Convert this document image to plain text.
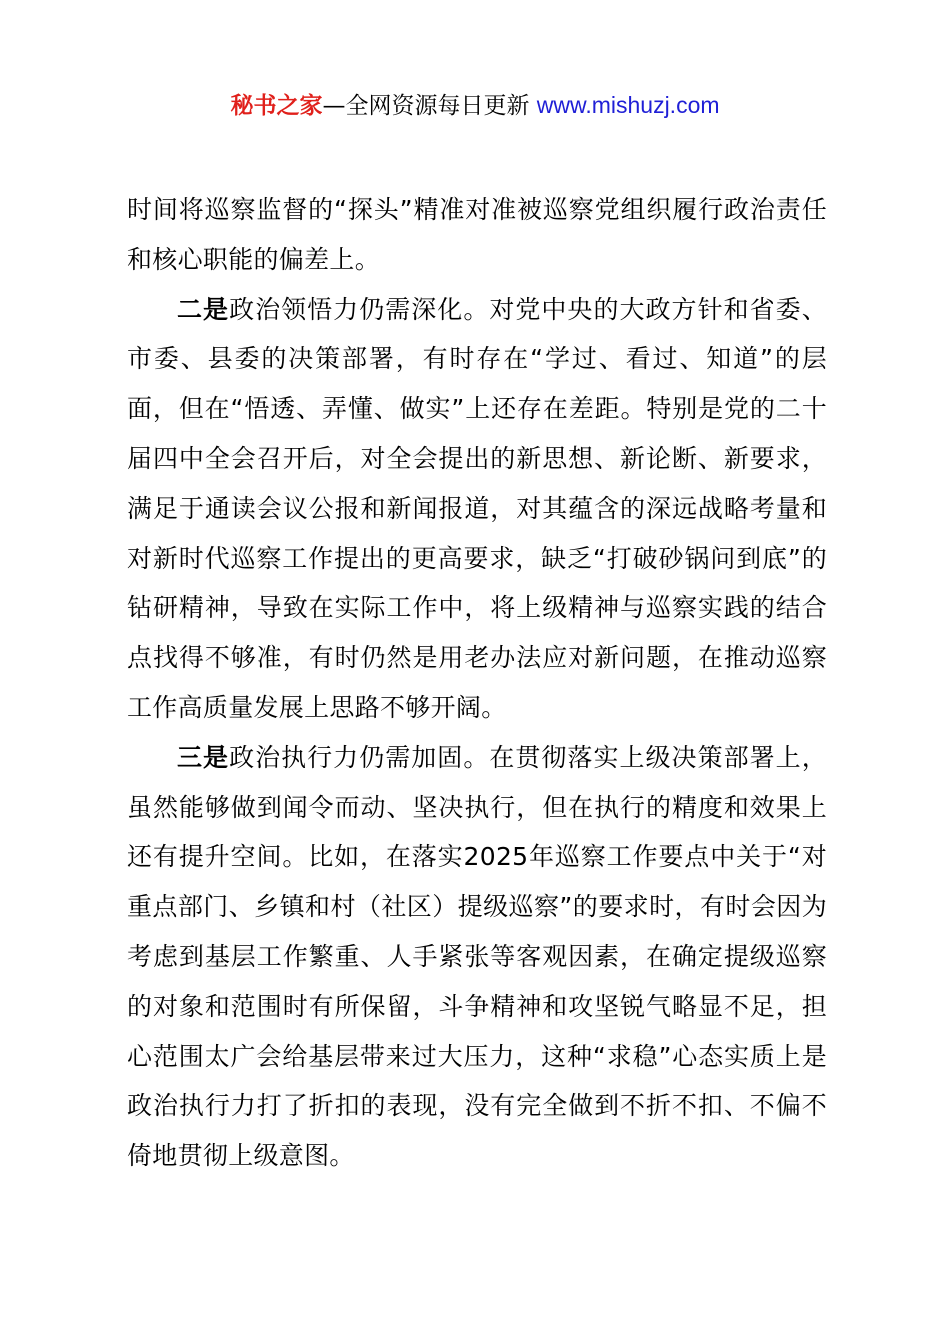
秘书之家—全网资源每日更新 www.mishuzj.com

时间将巡察监督的“探头”精准对准被巡察党组织履行政治责任和核心职能的偏差上。

二是政治领悟力仍需深化。对党中央的大政方针和省委、市委、县委的决策部署，有时存在“学过、看过、知道”的层面，但在“悟透、弄懂、做实”上还存在差距。特别是党的二十届四中全会召开后，对全会提出的新思想、新论断、新要求，满足于通读会议公报和新闻报道，对其蕴含的深远战略考量和对新时代巡察工作提出的更高要求，缺乏“打破砂锅问到底”的钻研精神，导致在实际工作中，将上级精神与巡察实践的结合点找得不够准，有时仍然是用老办法应对新问题，在推动巡察工作高质量发展上思路不够开阔。

三是政治执行力仍需加固。在贯彻落实上级决策部署上，虽然能够做到闻令而动、坚决执行，但在执行的精度和效果上还有提升空间。比如，在落实2025年巡察工作要点中关于“对重点部门、乡镇和村（社区）提级巡察”的要求时，有时会因为考虑到基层工作繁重、人手紧张等客观因素，在确定提级巡察的对象和范围时有所保留，斗争精神和攻坚锐气略显不足，担心范围太广会给基层带来过大压力，这种“求稳”心态实质上是政治执行力打了折扣的表现，没有完全做到不折不扣、不偏不倚地贯彻上级意图。
